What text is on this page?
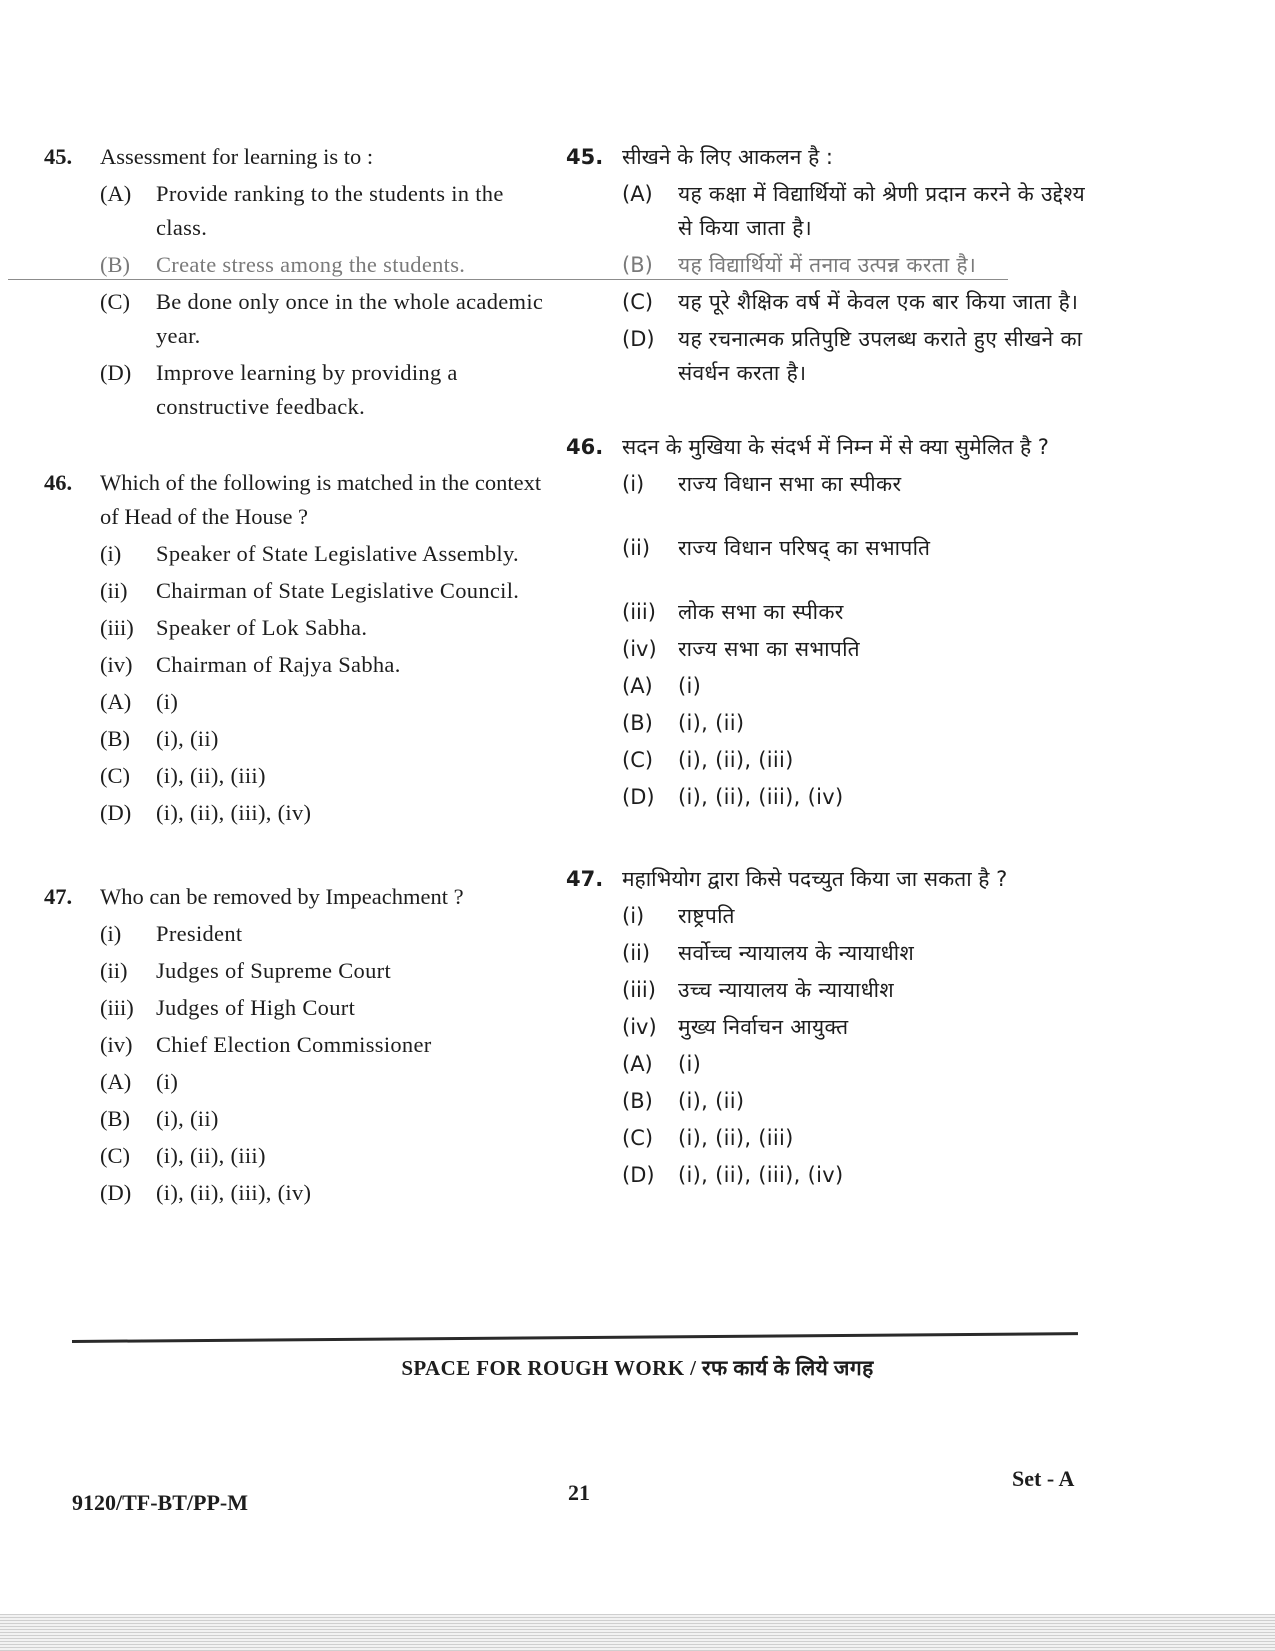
45.	Assessment for learning is to :
(A)	Provide ranking to the students in the class.
(B)	Create stress among the students.
(C)	Be done only once in the whole academic year.
(D)	Improve learning by providing a constructive feedback.
46.	Which of the following is matched in the context of Head of the House ?
(i)	Speaker of State Legislative Assembly.
(ii)	Chairman of State Legislative Council.
(iii) Speaker of Lok Sabha.
(iv)	Chairman of Rajya Sabha.
(A)	(i)
(B)	(i), (ii)
(C)	(i), (ii), (iii)
(D)	(i), (ii), (iii), (iv)
47.	Who can be removed by Impeachment ?
(i)	President
(ii)	Judges of Supreme Court
(iii) Judges of High Court
(iv)	Chief Election Commissioner
(A)	(i)
(B)	(i), (ii)
(C)	(i), (ii), (iii)
(D)	(i), (ii), (iii), (iv)
45. सीखने के लिए आकलन है :
(A)	यह कक्षा में विद्यार्थियों को श्रेणी प्रदान करने के उद्देश्य से किया जाता है।
(B)	यह विद्यार्थियों में तनाव उत्पन्न करता है।
(C)	यह पूरे शैक्षिक वर्ष में केवल एक बार किया जाता है।
(D)	यह रचनात्मक प्रतिपुष्टि उपलब्ध कराते हुए सीखने का संवर्धन करता है।
46. सदन के मुखिया के संदर्भ में निम्न में से क्या सुमेलित है ?
(i)	राज्य विधान सभा का स्पीकर
(ii)	राज्य विधान परिषद् का सभापति
(iii)	लोक सभा का स्पीकर
(iv)	राज्य सभा का सभापति
(A)	(i)
(B)	(i), (ii)
(C)	(i), (ii), (iii)
(D)	(i), (ii), (iii), (iv)
47. महाभियोग द्वारा किसे पदच्युत किया जा सकता है ?
(i)	राष्ट्रपति
(ii)	सर्वोच्च न्यायालय के न्यायाधीश
(iii)	उच्च न्यायालय के न्यायाधीश
(iv)	मुख्य निर्वाचन आयुक्त
(A)	(i)
(B)	(i), (ii)
(C)	(i), (ii), (iii)
(D)	(i), (ii), (iii), (iv)
SPACE FOR ROUGH WORK / रफ कार्य के लिये जगह
9120/TF-BT/PP-M	21
Set - A
